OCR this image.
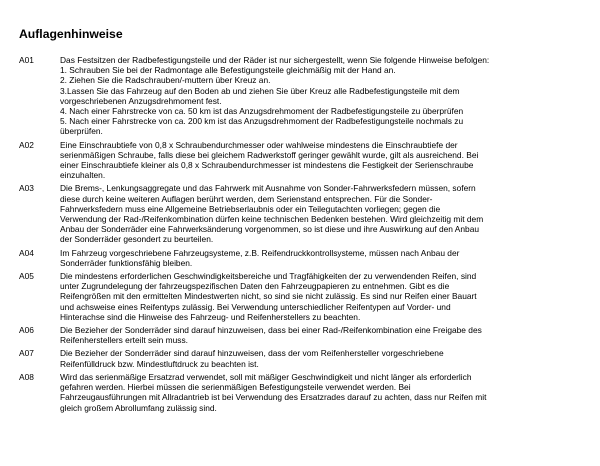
Auflagenhinweise
A01	Das Festsitzen der Radbefestigungsteile und der Räder ist nur sichergestellt, wenn Sie folgende Hinweise befolgen:
1. Schrauben Sie bei der Radmontage alle Befestigungsteile gleichmäßig mit der Hand an.
2. Ziehen Sie die Radschrauben/-muttern über Kreuz an.
3.Lassen Sie das Fahrzeug auf den Boden ab und ziehen Sie über Kreuz alle Radbefestigungsteile mit dem
vorgeschriebenen Anzugsdrehmoment fest.
4. Nach einer Fahrstrecke von ca. 50 km ist das Anzugsdrehmoment der Radbefestigungsteile zu überprüfen
5. Nach einer Fahrstrecke von ca. 200 km ist das Anzugsdrehmoment der Radbefestigungsteile nochmals zu
überprüfen.
A02	Eine Einschraubtiefe von 0,8 x Schraubendurchmesser oder wahlweise mindestens die Einschraubtiefe der
serienmäßigen Schraube, falls diese bei gleichem Radwerkstoff geringer gewählt wurde, gilt als ausreichend. Bei
einer Einschraubtiefe kleiner als 0,8 x Schraubendurchmesser ist mindestens die Festigkeit der Serienschraube
einzuhalten.
A03	Die Brems-, Lenkungsaggregate und das Fahrwerk mit Ausnahme von Sonder-Fahrwerksfedern müssen, sofern
diese durch keine weiteren Auflagen berührt werden, dem Serienstand entsprechen. Für die Sonder-
Fahrwerksfedern muss eine Allgemeine Betriebserlaubnis oder ein Teilegutachten vorliegen; gegen die
Verwendung der Rad-/Reifenkombination dürfen keine technischen Bedenken bestehen. Wird gleichzeitig mit dem
Anbau der Sonderräder eine Fahrwerksänderung vorgenommen, so ist diese und ihre Auswirkung auf den Anbau
der Sonderräder gesondert zu beurteilen.
A04	Im Fahrzeug vorgeschriebene Fahrzeugsysteme, z.B. Reifendruckkontrollsysteme, müssen nach Anbau der
Sonderräder funktionsfähig bleiben.
A05	Die mindestens erforderlichen Geschwindigkeitsbereiche und Tragfähigkeiten der zu verwendenden Reifen, sind
unter Zugrundelegung der fahrzeugspezifischen Daten den Fahrzeugpapieren zu entnehmen. Gibt es die
Reifengrößen mit den ermittelten Mindestwerten nicht, so sind sie nicht zulässig. Es sind nur Reifen einer Bauart
und achsweise eines Reifentyps zulässig. Bei Verwendung unterschiedlicher Reifentypen auf Vorder- und
Hinterachse sind die Hinweise des Fahrzeug- und Reifenherstellers zu beachten.
A06	Die Bezieher der Sonderräder sind darauf hinzuweisen, dass bei einer Rad-/Reifenkombination eine Freigabe des
Reifenherstellers erteilt sein muss.
A07	Die Bezieher der Sonderräder sind darauf hinzuweisen, dass der vom Reifenhersteller vorgeschriebene
Reifenfülldruck bzw. Mindestluftdruck zu beachten ist.
A08	Wird das serienmäßige Ersatzrad verwendet, soll mit mäßiger Geschwindigkeit und nicht länger als erforderlich
gefahren werden. Hierbei müssen die serienmäßigen Befestigungsteile verwendet werden. Bei
Fahrzeugausführungen mit Allradantrieb ist bei Verwendung des Ersatzrades darauf zu achten, dass nur Reifen mit
gleich großem Abrollumfang zulässig sind.
